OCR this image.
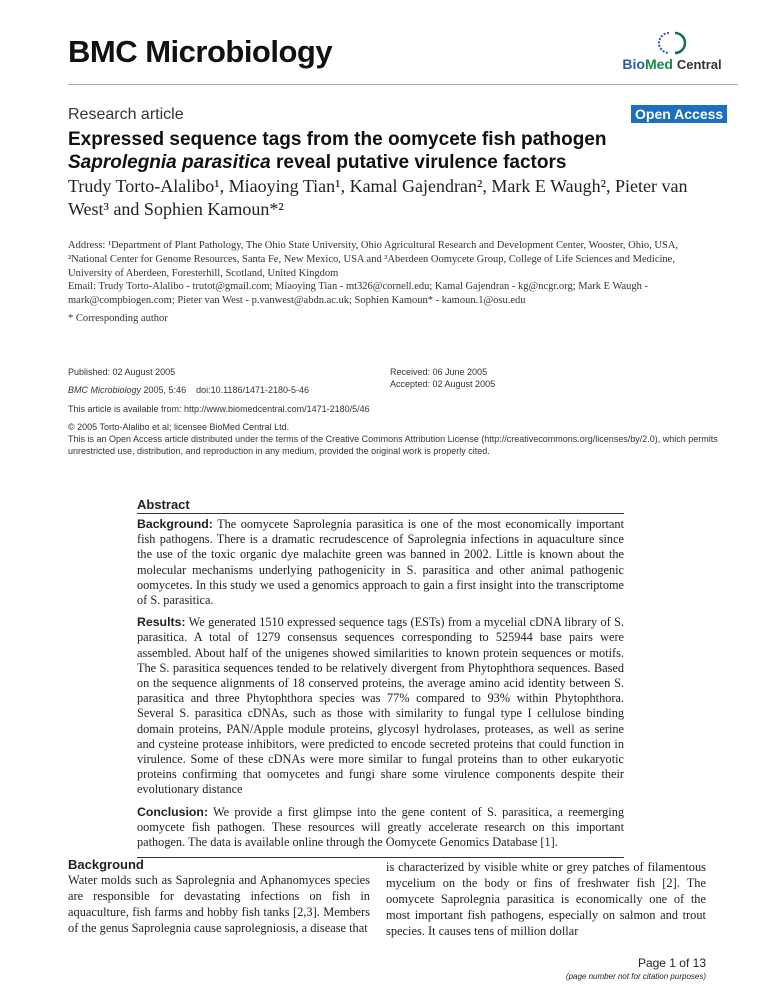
BMC Microbiology	BioMed Central
Research article	Open Access
Expressed sequence tags from the oomycete fish pathogen
Saprolegnia parasitica reveal putative virulence factors
Trudy Torto-Alalibo¹, Miaoying Tian¹, Kamal Gajendran², Mark E Waugh², Pieter van West³ and Sophien Kamoun*²
Address: ¹Department of Plant Pathology, The Ohio State University, Ohio Agricultural Research and Development Center, Wooster, Ohio, USA, ²National Center for Genome Resources, Santa Fe, New Mexico, USA and ³Aberdeen Oomycete Group, College of Life Sciences and Medicine, University of Aberdeen, Foresterhill, Scotland, United Kingdom
Email: Trudy Torto-Alalibo - trutot@gmail.com; Miaoying Tian - mt326@cornell.edu; Kamal Gajendran - kg@ncgr.org; Mark E Waugh - mark@compbiogen.com; Pieter van West - p.vanwest@abdn.ac.uk; Sophien Kamoun* - kamoun.1@osu.edu
* Corresponding author
Published: 02 August 2005
BMC Microbiology 2005, 5:46    doi:10.1186/1471-2180-5-46
Received: 06 June 2005
Accepted: 02 August 2005
This article is available from: http://www.biomedcentral.com/1471-2180/5/46
© 2005 Torto-Alalibo et al; licensee BioMed Central Ltd.
This is an Open Access article distributed under the terms of the Creative Commons Attribution License (http://creativecommons.org/licenses/by/2.0), which permits unrestricted use, distribution, and reproduction in any medium, provided the original work is properly cited.
Abstract

Background: The oomycete Saprolegnia parasitica is one of the most economically important fish pathogens. There is a dramatic recrudescence of Saprolegnia infections in aquaculture since the use of the toxic organic dye malachite green was banned in 2002. Little is known about the molecular mechanisms underlying pathogenicity in S. parasitica and other animal pathogenic oomycetes. In this study we used a genomics approach to gain a first insight into the transcriptome of S. parasitica.

Results: We generated 1510 expressed sequence tags (ESTs) from a mycelial cDNA library of S. parasitica. A total of 1279 consensus sequences corresponding to 525944 base pairs were assembled. About half of the unigenes showed similarities to known protein sequences or motifs. The S. parasitica sequences tended to be relatively divergent from Phytophthora sequences. Based on the sequence alignments of 18 conserved proteins, the average amino acid identity between S. parasitica and three Phytophthora species was 77% compared to 93% within Phytophthora. Several S. parasitica cDNAs, such as those with similarity to fungal type I cellulose binding domain proteins, PAN/Apple module proteins, glycosyl hydrolases, proteases, as well as serine and cysteine protease inhibitors, were predicted to encode secreted proteins that could function in virulence. Some of these cDNAs were more similar to fungal proteins than to other eukaryotic proteins confirming that oomycetes and fungi share some virulence components despite their evolutionary distance

Conclusion: We provide a first glimpse into the gene content of S. parasitica, a reemerging oomycete fish pathogen. These resources will greatly accelerate research on this important pathogen. The data is available online through the Oomycete Genomics Database [1].

Background

Water molds such as Saprolegnia and Aphanomyces species are responsible for devastating infections on fish in aquaculture, fish farms and hobby fish tanks [2,3]. Members of the genus Saprolegnia cause saprolegniosis, a disease that

is characterized by visible white or grey patches of filamentous mycelium on the body or fins of freshwater fish [2]. The oomycete Saprolegnia parasitica is economically one of the most important fish pathogens, especially on salmon and trout species. It causes tens of million dollar

Page 1 of 13
(page number not for citation purposes)
